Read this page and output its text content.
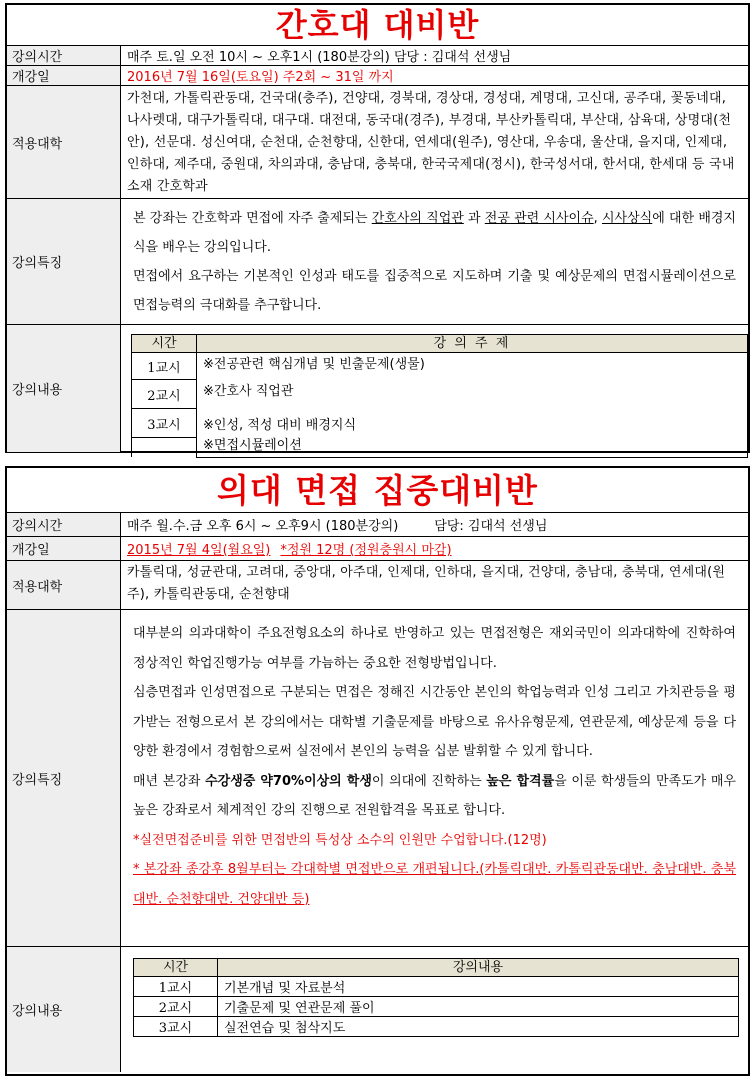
간호대 대비반
강의시간	매주 토.일 오전 10시 ~ 오후1시 (180분강의) 담당 : 김대석 선생님
개강일	2016년 7월 16일(토요일) 주2회 ~ 31일 까지
적용대학
가천대, 가톨릭관동대, 건국대(충주), 건양대, 경북대, 경상대, 경성대, 계명대, 고신대, 공주대, 꽃동네대, 나사렛대, 대구가톨릭대, 대구대. 대전대, 동국대(경주), 부경대, 부산카톨릭대, 부산대, 삼육대, 상명대(천안), 선문대. 성신여대, 순천대, 순천향대, 신한대, 연세대(원주), 영산대, 우송대, 울산대, 을지대, 인제대, 인하대, 제주대, 중원대, 차의과대, 충남대, 충북대, 한국국제대(정시), 한국성서대, 한서대, 한세대 등 국내소재 간호학과
강의특징

본 강좌는 간호학과 면접에 자주 출제되는 간호사의 직업관 과 전공 관련 시사이슈, 시사상식에 대한 배경지식을 배우는 강의입니다.

면접에서 요구하는 기본적인 인성과 태도를 집중적으로 지도하며 기출 및 예상문제의 면접시뮬레이션으로 면접능력의 극대화를 추구합니다.

강의내용
시간	강 의 주 제
1교시	※전공관련 핵심개념 및 빈출문제(생물)
2교시	※간호사 직업관
3교시	※인성, 적성 대비 배경지식
	※면접시뮬레이션
의대 면접 집중대비반
강의시간	매주 월.수.금 오후 6시 ~ 오후9시 (180분강의)	담당: 김대석 선생님
개강일	2015년 7월 4일(월요일) *정원 12명 (정원충원시 마감)
적용대학
카톨릭대, 성균관대, 고려대, 중앙대, 아주대, 인제대, 인하대, 을지대, 건양대, 충남대, 충북대, 연세대(원주), 카톨릭관동대, 순천향대
강의특징

대부분의 의과대학이 주요전형요소의 하나로 반영하고 있는 면접전형은 재외국민이 의과대학에 진학하여 정상적인 학업진행가능 여부를 가늠하는 중요한 전형방법입니다.

심층면접과 인성면접으로 구분되는 면접은 정해진 시간동안 본인의 학업능력과 인성 그리고 가치관등을 평가받는 전형으로서 본 강의에서는 대학별 기출문제를 바탕으로 유사유형문제, 연관문제, 예상문제 등을 다양한 환경에서 경험함으로써 실전에서 본인의 능력을 십분 발휘할 수 있게 합니다.

매년 본강좌 수강생중 약70%이상의 학생이 의대에 진학하는 높은 합격률을 이룬 학생들의 만족도가 매우 높은 강좌로서 체계적인 강의 진행으로 전원합격을 목표로 합니다.

*실전면접준비를 위한 면접반의 특성상 소수의 인원만 수업합니다.(12명)

* 본강좌 종강후 8월부터는 각대학별 면접반으로 개편됩니다.(카톨릭대반. 카톨릭관동대반. 충남대반. 충북대반. 순천향대반. 건양대반 등)

강의내용
시간	강의내용
1교시	기본개념 및 자료분석
2교시	기출문제 및 연관문제 풀이
3교시	실전연습 및 첨삭지도
